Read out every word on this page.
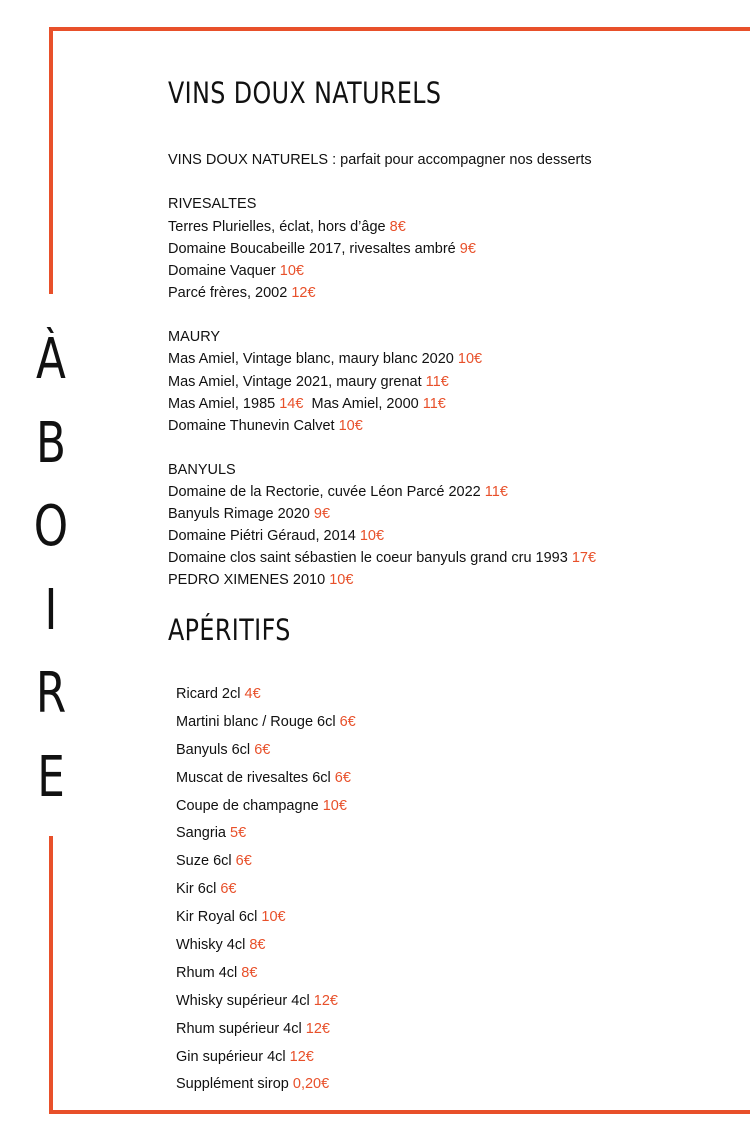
À
B
O
I
R
E
VINS DOUX NATURELS
VINS DOUX NATURELS : parfait pour accompagner nos desserts
RIVESALTES
Terres Plurielles, éclat, hors d’âge 8€
Domaine Boucabeille 2017, rivesaltes ambré 9€
Domaine Vaquer 10€
Parcé frères, 2002 12€
MAURY
Mas Amiel, Vintage blanc, maury blanc 2020 10€
Mas Amiel, Vintage 2021, maury grenat 11€
Mas Amiel, 1985 14€ Mas Amiel, 2000 11€
Domaine Thunevin Calvet 10€
BANYULS
Domaine de la Rectorie, cuvée Léon Parcé 2022 11€
Banyuls Rimage 2020 9€
Domaine Piétri Géraud, 2014 10€
Domaine clos saint sébastien le coeur banyuls grand cru 1993 17€
PEDRO XIMENES 2010 10€
APÉRITIFS
Ricard 2cl 4€
Martini blanc / Rouge 6cl 6€
Banyuls 6cl 6€
Muscat de rivesaltes 6cl 6€
Coupe de champagne 10€
Sangria 5€
Suze 6cl 6€
Kir 6cl 6€
Kir Royal 6cl 10€
Whisky 4cl 8€
Rhum 4cl 8€
Whisky supérieur 4cl 12€
Rhum supérieur 4cl 12€
Gin supérieur 4cl 12€
Supplément sirop 0,20€
